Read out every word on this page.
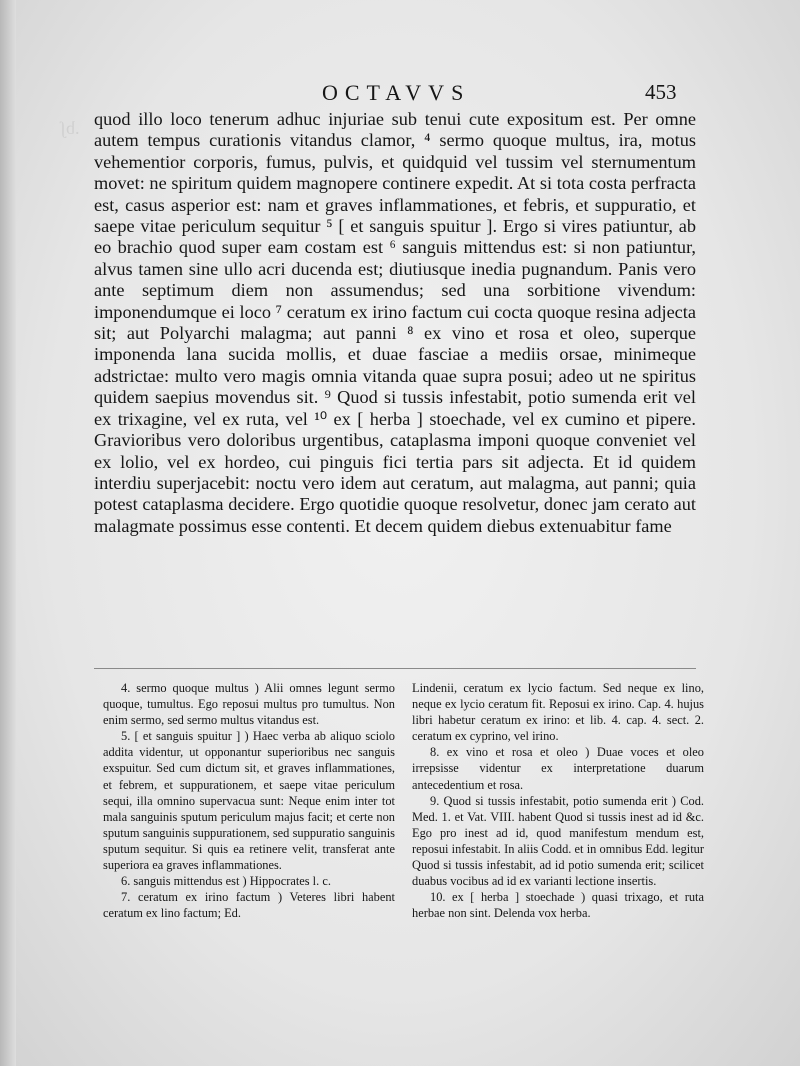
.bʃ
OCTAVVS	453

quod illo loco tenerum adhuc injuriae sub tenui cute expositum est. Per omne autem tempus curationis vitandus clamor, ⁴ sermo quoque multus, ira, motus vehementior corporis, fumus, pulvis, et quidquid vel tussim vel sternumentum movet: ne spiritum quidem magnopere continere expedit. At si tota costa perfracta est, casus asperior est: nam et graves inflammationes, et febris, et suppuratio, et saepe vitae periculum sequitur ⁵ [ et sanguis spuitur ]. Ergo si vires patiuntur, ab eo brachio quod super eam costam est ⁶ sanguis mittendus est: si non patiuntur, alvus tamen sine ullo acri ducenda est; diutiusque inedia pugnandum. Panis vero ante septimum diem non assumendus; sed una sorbitione vivendum: imponendumque ei loco ⁷ ceratum ex irino factum cui cocta quoque resina adjecta sit; aut Polyarchi malagma; aut panni ⁸ ex vino et rosa et oleo, superque imponenda lana sucida mollis, et duae fasciae a mediis orsae, minimeque adstrictae: multo vero magis omnia vitanda quae supra posui; adeo ut ne spiritus quidem saepius movendus sit. ⁹ Quod si tussis infestabit, potio sumenda erit vel ex trixagine, vel ex ruta, vel ¹⁰ ex [ herba ] stoechade, vel ex cumino et pipere. Gravioribus vero doloribus urgentibus, cataplasma imponi quoque conveniet vel ex lolio, vel ex hordeo, cui pinguis fici tertia pars sit adjecta. Et id quidem interdiu superjacebit: noctu vero idem aut ceratum, aut malagma, aut panni; quia potest cataplasma decidere. Ergo quotidie quoque resolvetur, donec jam cerato aut malagmate possimus esse contenti. Et decem quidem diebus extenuabitur fame

4. sermo quoque multus ) Alii omnes legunt sermo quoque, tumultus. Ego reposui multus pro tumultus. Non enim sermo, sed sermo multus vitandus est.

5. [ et sanguis spuitur ] ) Haec verba ab aliquo sciolo addita videntur, ut opponantur superioribus nec sanguis exspuitur. Sed cum dictum sit, et graves inflammationes, et febrem, et suppurationem, et saepe vitae periculum sequi, illa omnino supervacua sunt: Neque enim inter tot mala sanguinis sputum periculum majus facit; et certe non sputum sanguinis suppurationem, sed suppuratio sanguinis sputum sequitur. Si quis ea retinere velit, transferat ante superiora ea graves inflammationes.

6. sanguis mittendus est ) Hippocrates l. c.

7. ceratum ex irino factum ) Veteres libri habent ceratum ex lino factum; Ed.

Lindenii, ceratum ex lycio factum. Sed neque ex lino, neque ex lycio ceratum fit. Reposui ex irino. Cap. 4. hujus libri habetur ceratum ex irino: et lib. 4. cap. 4. sect. 2. ceratum ex cyprino, vel irino.

8. ex vino et rosa et oleo ) Duae voces et oleo irrepsisse videntur ex interpretatione duarum antecedentium et rosa.

9. Quod si tussis infestabit, potio sumenda erit ) Cod. Med. 1. et Vat. VIII. habent Quod si tussis inest ad id &c. Ego pro inest ad id, quod manifestum mendum est, reposui infestabit. In aliis Codd. et in omnibus Edd. legitur Quod si tussis infestabit, ad id potio sumenda erit; scilicet duabus vocibus ad id ex varianti lectione insertis.

10. ex [ herba ] stoechade ) quasi trixago, et ruta herbae non sint. Delenda vox herba.
